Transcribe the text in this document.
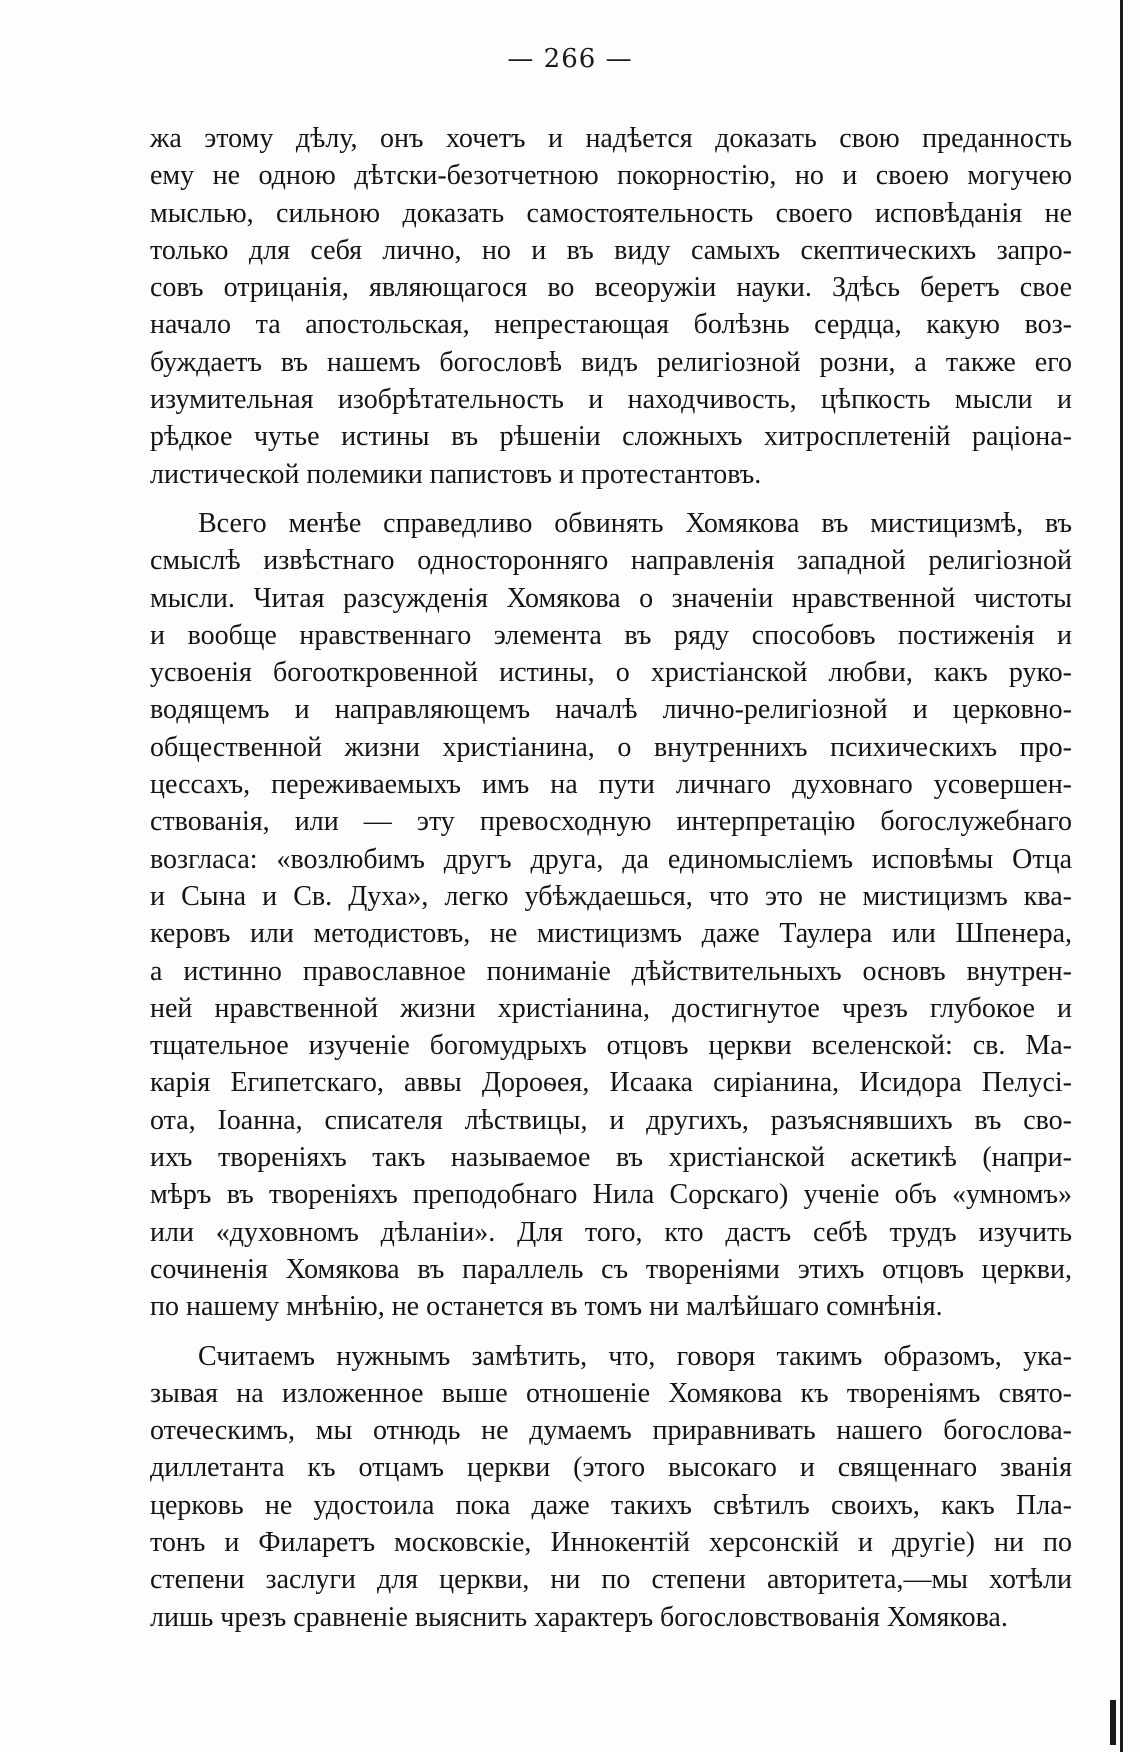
— 266 —
жа этому дѣлу, онъ хочетъ и надѣется доказать свою преданность
ему не одною дѣтски-безотчетною покорностію, но и своею могучею
мыслью, сильною доказать самостоятельность своего исповѣданія не
только для себя лично, но и въ виду самыхъ скептическихъ запро-
совъ отрицанія, являющагося во всеоружіи науки. Здѣсь беретъ свое
начало та апостольская, непрестающая болѣзнь сердца, какую воз-
буждаетъ въ нашемъ богословѣ видъ религіозной розни, а также его
изумительная изобрѣтательность и находчивость, цѣпкость мысли и
рѣдкое чутье истины въ рѣшеніи сложныхъ хитросплетеній раціона-
листической полемики папистовъ и протестантовъ.
Всего менѣе справедливо обвинять Хомякова въ мистицизмѣ, въ
смыслѣ извѣстнаго односторонняго направленія западной религіозной
мысли. Читая разсужденія Хомякова о значеніи нравственной чистоты
и вообще нравственнаго элемента въ ряду способовъ постиженія и
усвоенія богооткровенной истины, о христіанской любви, какъ руко-
водящемъ и направляющемъ началѣ лично-религіозной и церковно-
общественной жизни христіанина, о внутреннихъ психическихъ про-
цессахъ, переживаемыхъ имъ на пути личнаго духовнаго усовершен-
ствованія, или — эту превосходную интерпретацію богослужебнаго
возгласа: «возлюбимъ другъ друга, да единомысліемъ исповѣмы Отца
и Сына и Св. Духа», легко убѣждаешься, что это не мистицизмъ ква-
керовъ или методистовъ, не мистицизмъ даже Таулера или Шпенера,
а истинно православное пониманіе дѣйствительныхъ основъ внутрен-
ней нравственной жизни христіанина, достигнутое чрезъ глубокое и
тщательное изученіе богомудрыхъ отцовъ церкви вселенской: св. Ма-
карія Египетскаго, аввы Дороѳея, Исаака сиріанина, Исидора Пелусі-
ота, Іоанна, списателя лѣствицы, и другихъ, разъяснявшихъ въ сво-
ихъ твореніяхъ такъ называемое въ христіанской аскетикѣ (напри-
мѣръ въ твореніяхъ преподобнаго Нила Сорскаго) ученіе объ «умномъ»
или «духовномъ дѣланіи». Для того, кто дастъ себѣ трудъ изучить
сочиненія Хомякова въ параллель съ твореніями этихъ отцовъ церкви,
по нашему мнѣнію, не останется въ томъ ни малѣйшаго сомнѣнія.
Считаемъ нужнымъ замѣтить, что, говоря такимъ образомъ, ука-
зывая на изложенное выше отношеніе Хомякова къ твореніямъ свято-
отеческимъ, мы отнюдь не думаемъ приравнивать нашего богослова-
диллетанта къ отцамъ церкви (этого высокаго и священнаго званія
церковь не удостоила пока даже такихъ свѣтилъ своихъ, какъ Пла-
тонъ и Филаретъ московскіе, Иннокентій херсонскій и другіе) ни по
степени заслуги для церкви, ни по степени авторитета,—мы хотѣли
лишь чрезъ сравненіе выяснить характеръ богословствованія Хомякова.
